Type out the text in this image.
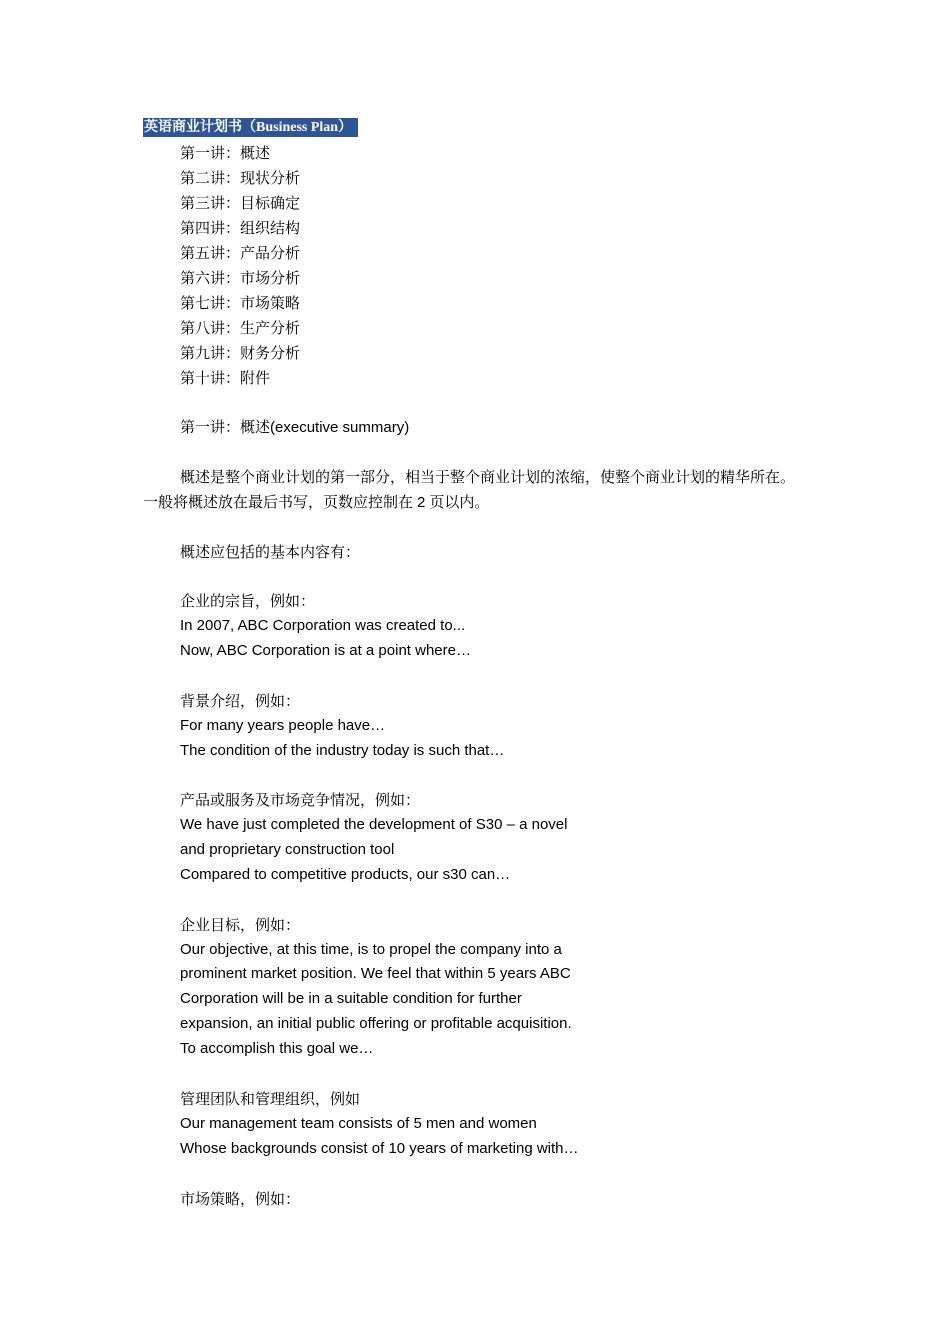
英语商业计划书（Business Plan）
第一讲：概述
第二讲：现状分析
第三讲：目标确定
第四讲：组织结构
第五讲：产品分析
第六讲：市场分析
第七讲：市场策略
第八讲：生产分析
第九讲：财务分析
第十讲：附件
第一讲：概述(executive summary)
概述是整个商业计划的第一部分，相当于整个商业计划的浓缩，使整个商业计划的精华所在。
一般将概述放在最后书写，页数应控制在 2 页以内。
概述应包括的基本内容有：
企业的宗旨，例如：
In 2007, ABC Corporation was created to...
Now, ABC Corporation is at a point where…
背景介绍，例如：
For many years people have…
The condition of the industry today is such that…
产品或服务及市场竞争情况，例如：
We have just completed the development of S30 – a novel
and proprietary construction tool
Compared to competitive products, our s30 can…
企业目标，例如：
Our objective, at this time, is to propel the company into a
prominent market position. We feel that within 5 years ABC
Corporation will be in a suitable condition for further
expansion, an initial public offering or profitable acquisition.
To accomplish this goal we…
管理团队和管理组织，例如
Our management team consists of 5 men and women
Whose backgrounds consist of 10 years of marketing with…
市场策略，例如：
